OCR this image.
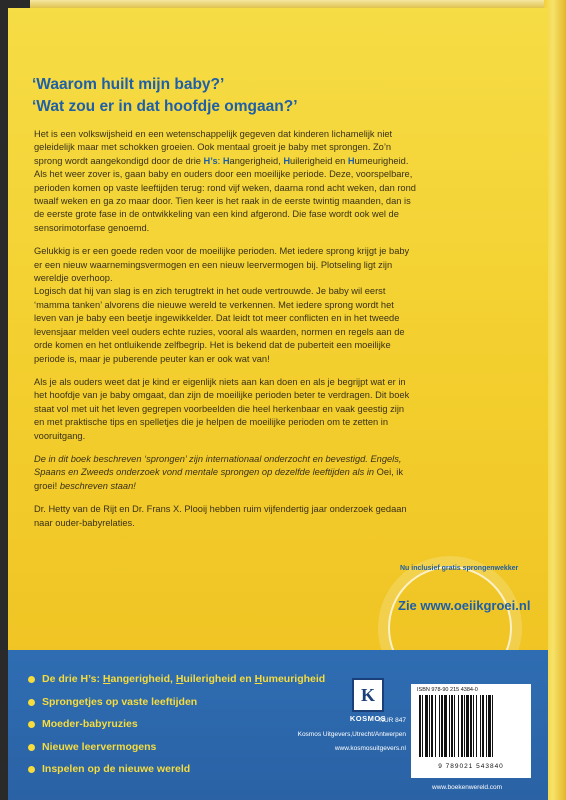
‘Waarom huilt mijn baby?’
‘Wat zou er in dat hoofdje omgaan?’

Het is een volkswijsheid en een wetenschappelijk gegeven dat kinderen lichamelijk niet geleidelijk maar met schokken groeien. Ook mentaal groeit je baby met sprongen. Zo’n sprong wordt aangekondigd door de drie H’s: Hangerigheid, Huilerigheid en Humeurigheid. Als het weer zover is, gaan baby en ouders door een moeilijke periode. Deze, voorspelbare, perioden komen op vaste leeftijden terug: rond vijf weken, daarna rond acht weken, dan rond twaalf weken en ga zo maar door. Tien keer is het raak in de eerste twintig maanden, dan is de eerste grote fase in de ontwikkeling van een kind afgerond. Die fase wordt ook wel de sensorimotorfase genoemd.

Gelukkig is er een goede reden voor de moeilijke perioden. Met iedere sprong krijgt je baby er een nieuw waarnemingsvermogen en een nieuw leervermogen bij. Plotseling ligt zijn wereldje overhoop.

Logisch dat hij van slag is en zich terugtrekt in het oude vertrouwde. Je baby wil eerst ‘mamma tanken’ alvorens die nieuwe wereld te verkennen. Met iedere sprong wordt het leven van je baby een beetje ingewikkelder. Dat leidt tot meer conflicten en in het tweede levensjaar melden veel ouders echte ruzies, vooral als waarden, normen en regels aan de orde komen en het ontluikende zelfbegrip. Het is bekend dat de puberteit een moeilijke periode is, maar je puberende peuter kan er ook wat van!

Als je als ouders weet dat je kind er eigenlijk niets aan kan doen en als je begrijpt wat er in het hoofdje van je baby omgaat, dan zijn de moeilijke perioden beter te verdragen. Dit boek staat vol met uit het leven gegrepen voorbeelden die heel herkenbaar en vaak geestig zijn en met praktische tips en spelletjes die je helpen de moeilijke perioden om te zetten in vooruitgang.

De in dit boek beschreven ‘sprongen’ zijn internationaal onderzocht en bevestigd. Engels, Spaans en Zweeds onderzoek vond mentale sprongen op dezelfde leeftijden als in Oei, ik groei! beschreven staan!

Dr. Hetty van de Rijt en Dr. Frans X. Plooij hebben ruim vijfendertig jaar onderzoek gedaan naar ouder-babyrelaties.

Nu inclusief gratis sprongenwekker
Zie www.oeiikgroei.nl
De drie H’s: Hangerigheid, Huilerigheid en Humeurigheid
Sprongetjes op vaste leeftijden
Moeder-babyruzies
Nieuwe leervermogens
Inspelen op de nieuwe wereld
K
KOSMOS
NUR 847
Kosmos Uitgevers,Utrecht/Antwerpen
www.kosmosuitgevers.nl
ISBN 978-90 215 4384-0
9 789021 543840
www.boekenwereld.com
